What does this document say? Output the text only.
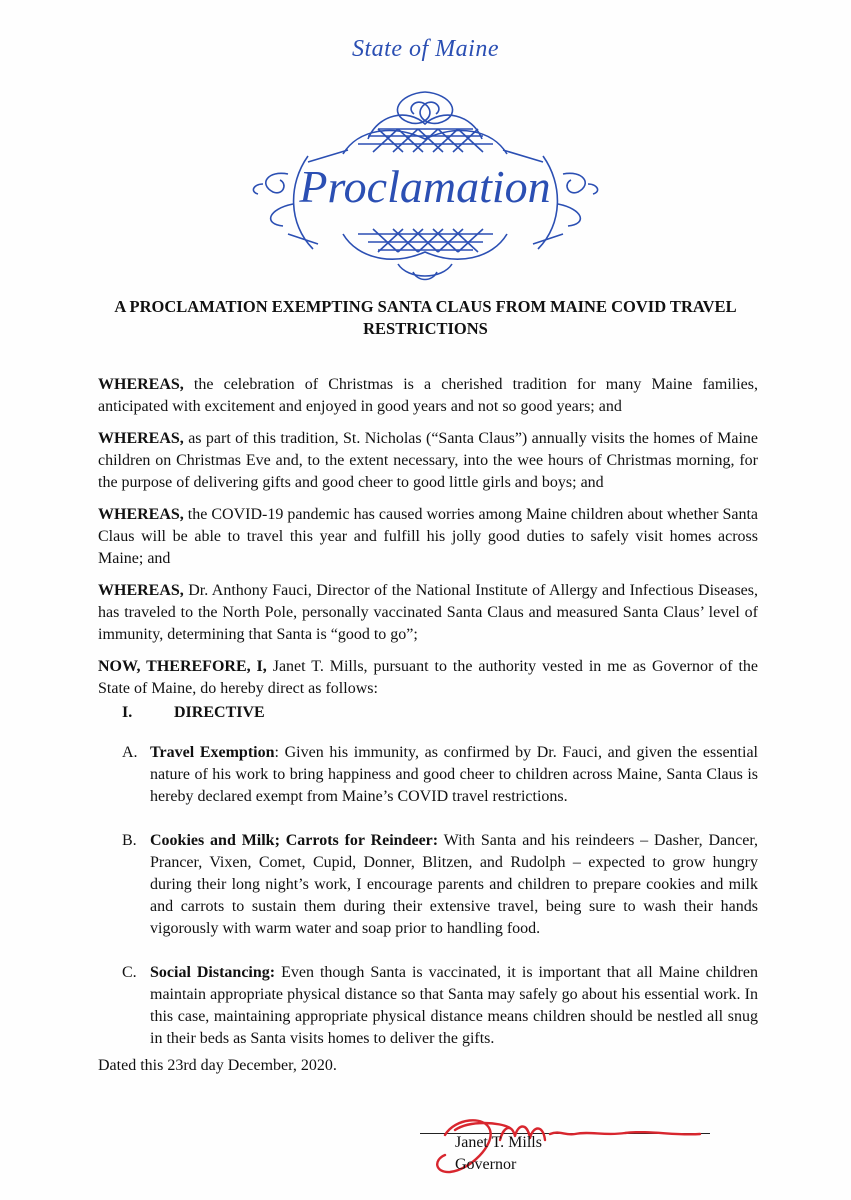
State of Maine
Proclamation
A PROCLAMATION EXEMPTING SANTA CLAUS FROM MAINE COVID TRAVEL RESTRICTIONS
WHEREAS, the celebration of Christmas is a cherished tradition for many Maine families, anticipated with excitement and enjoyed in good years and not so good years; and
WHEREAS, as part of this tradition, St. Nicholas (“Santa Claus”) annually visits the homes of Maine children on Christmas Eve and, to the extent necessary, into the wee hours of Christmas morning, for the purpose of delivering gifts and good cheer to good little girls and boys; and
WHEREAS, the COVID-19 pandemic has caused worries among Maine children about whether Santa Claus will be able to travel this year and fulfill his jolly good duties to safely visit homes across Maine; and
WHEREAS, Dr. Anthony Fauci, Director of the National Institute of Allergy and Infectious Diseases, has traveled to the North Pole, personally vaccinated Santa Claus and measured Santa Claus’ level of immunity, determining that Santa is “good to go”;
NOW, THEREFORE, I, Janet T. Mills, pursuant to the authority vested in me as Governor of the State of Maine, do hereby direct as follows:
I.	DIRECTIVE
A. Travel Exemption: Given his immunity, as confirmed by Dr. Fauci, and given the essential nature of his work to bring happiness and good cheer to children across Maine, Santa Claus is hereby declared exempt from Maine’s COVID travel restrictions.
B. Cookies and Milk; Carrots for Reindeer: With Santa and his reindeers – Dasher, Dancer, Prancer, Vixen, Comet, Cupid, Donner, Blitzen, and Rudolph – expected to grow hungry during their long night’s work, I encourage parents and children to prepare cookies and milk and carrots to sustain them during their extensive travel, being sure to wash their hands vigorously with warm water and soap prior to handling food.
C. Social Distancing: Even though Santa is vaccinated, it is important that all Maine children maintain appropriate physical distance so that Santa may safely go about his essential work. In this case, maintaining appropriate physical distance means children should be nestled all snug in their beds as Santa visits homes to deliver the gifts.
Dated this 23rd day December, 2020.
Janet T. Mills
Governor
